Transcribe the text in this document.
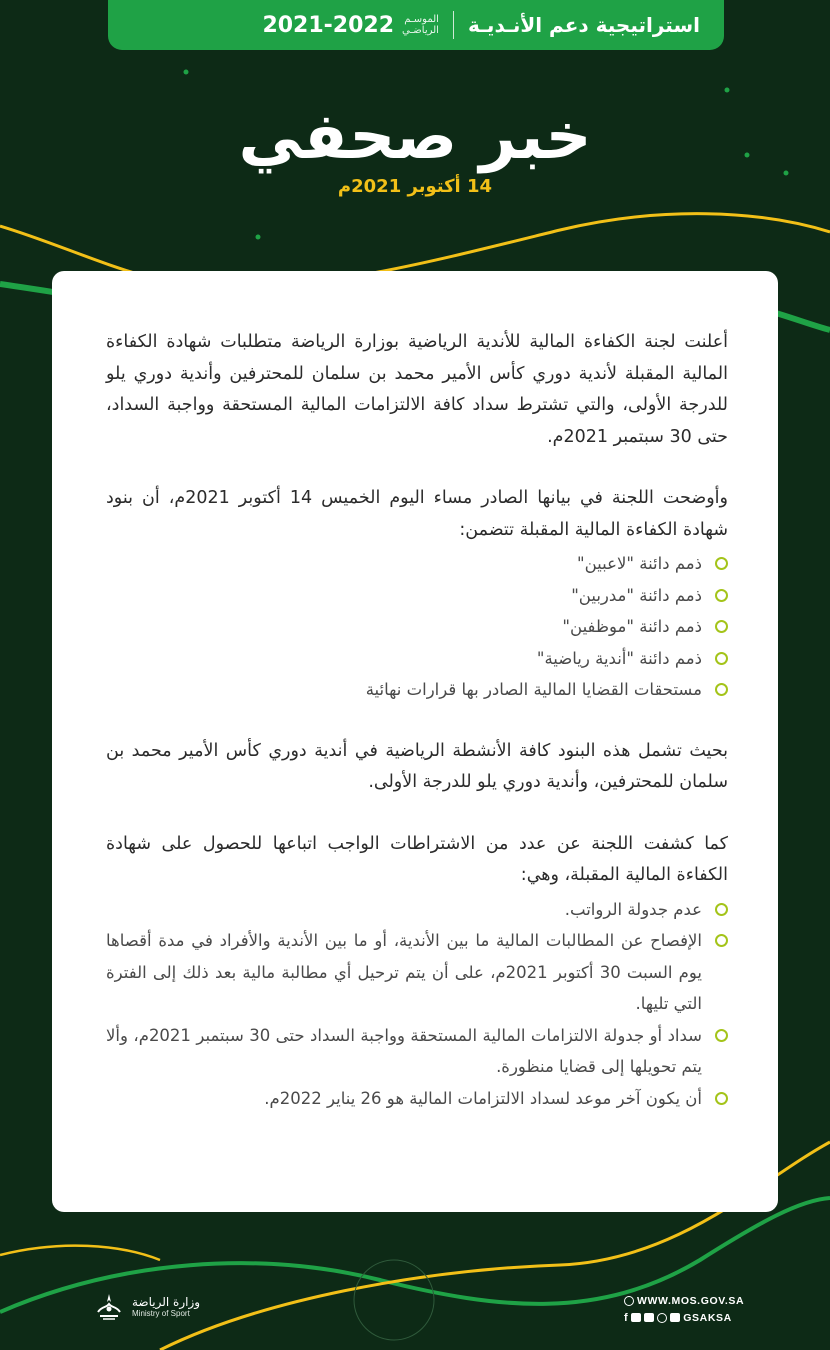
استراتيجية دعم الأنـديـة
الموسـم
الرياضـي
2021-2022
خبر صحفي
14 أكتوبر 2021م

أعلنت لجنة الكفاءة المالية للأندية الرياضية بوزارة الرياضة متطلبات شهادة الكفاءة المالية المقبلة لأندية دوري كأس الأمير محمد بن سلمان للمحترفين وأندية دوري يلو للدرجة الأولى، والتي تشترط سداد كافة الالتزامات المالية المستحقة وواجبة السداد، حتى 30 سبتمبر 2021م.

وأوضحت اللجنة في بيانها الصادر مساء اليوم الخميس 14 أكتوبر 2021م، أن بنود شهادة الكفاءة المالية المقبلة تتضمن:

ذمم دائنة "لاعبين"
ذمم دائنة "مدربين"
ذمم دائنة "موظفين"
ذمم دائنة "أندية رياضية"
مستحقات القضايا المالية الصادر بها قرارات نهائية

بحيث تشمل هذه البنود كافة الأنشطة الرياضية في أندية دوري كأس الأمير محمد بن سلمان للمحترفين، وأندية دوري يلو للدرجة الأولى.

كما كشفت اللجنة عن عدد من الاشتراطات الواجب اتباعها للحصول على شهادة الكفاءة المالية المقبلة، وهي:

عدم جدولة الرواتب.
الإفصاح عن المطالبات المالية ما بين الأندية، أو ما بين الأندية والأفراد في مدة أقصاها يوم السبت 30 أكتوبر 2021م، على أن يتم ترحيل أي مطالبة مالية بعد ذلك إلى الفترة التي تليها.
سداد أو جدولة الالتزامات المالية المستحقة وواجبة السداد حتى 30 سبتمبر 2021م، وألا يتم تحويلها إلى قضايا منظورة.
أن يكون آخر موعد لسداد الالتزامات المالية هو 26 يناير 2022م.
وزارة الرياضة
Ministry of Sport
WWW.MOS.GOV.SA
f	GSAKSA
